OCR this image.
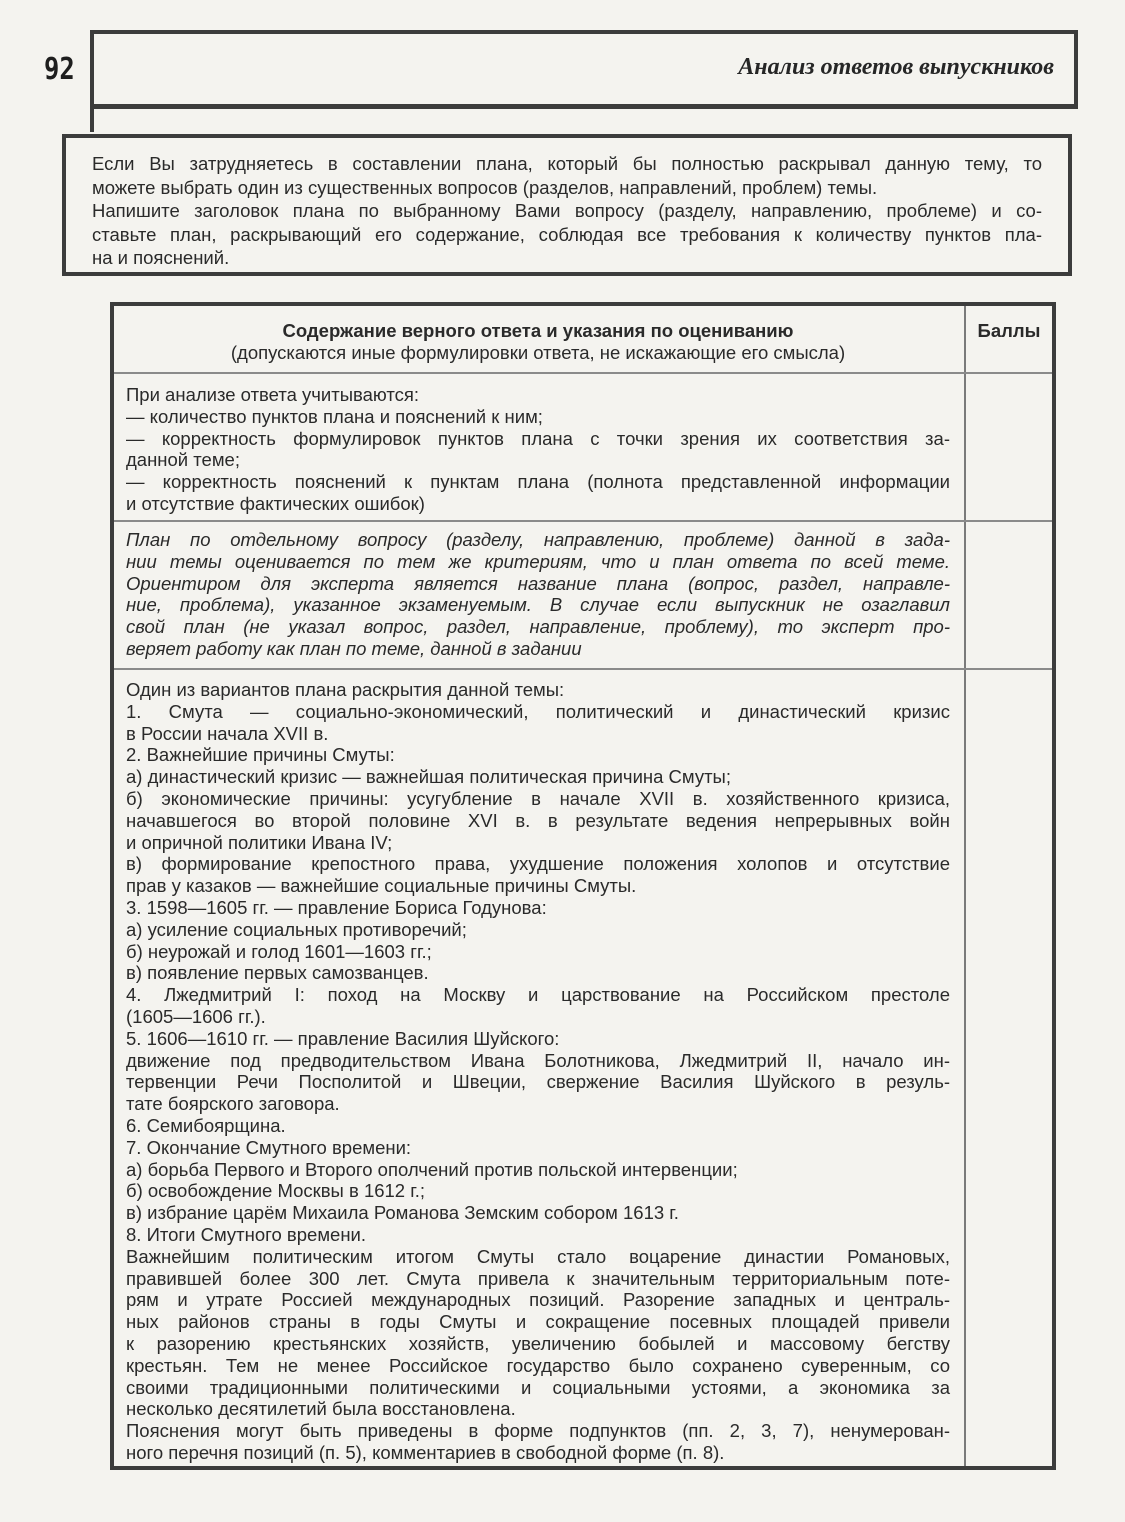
92	Анализ ответов выпускников
Если Вы затрудняетесь в составлении плана, который бы полностью раскрывал данную тему, то
можете выбрать один из существенных вопросов (разделов, направлений, проблем) темы.
Напишите заголовок плана по выбранному Вами вопросу (разделу, направлению, проблеме) и со-
ставьте план, раскрывающий его содержание, соблюдая все требования к количеству пунктов пла-
на и пояснений.
Содержание верного ответа и указания по оцениванию
(допускаются иные формулировки ответа, не искажающие его смысла)
Баллы
При анализе ответа учитываются:
— количество пунктов плана и пояснений к ним;
— корректность формулировок пунктов плана с точки зрения их соответствия за-
данной теме;
— корректность пояснений к пунктам плана (полнота представленной информации
и отсутствие фактических ошибок)
План по отдельному вопросу (разделу, направлению, проблеме) данной в зада-
нии темы оценивается по тем же критериям, что и план ответа по всей теме.
Ориентиром для эксперта является название плана (вопрос, раздел, направле-
ние, проблема), указанное экзаменуемым. В случае если выпускник не озаглавил
свой план (не указал вопрос, раздел, направление, проблему), то эксперт про-
веряет работу как план по теме, данной в задании
Один из вариантов плана раскрытия данной темы:
1. Смута — социально-экономический, политический и династический кризис
в России начала XVII в.
2. Важнейшие причины Смуты:
а) династический кризис — важнейшая политическая причина Смуты;
б) экономические причины: усугубление в начале XVII в. хозяйственного кризиса,
начавшегося во второй половине XVI в. в результате ведения непрерывных войн
и опричной политики Ивана IV;
в) формирование крепостного права, ухудшение положения холопов и отсутствие
прав у казаков — важнейшие социальные причины Смуты.
3. 1598—1605 гг. — правление Бориса Годунова:
а) усиление социальных противоречий;
б) неурожай и голод 1601—1603 гг.;
в) появление первых самозванцев.
4. Лжедмитрий I: поход на Москву и царствование на Российском престоле
(1605—1606 гг.).
5. 1606—1610 гг. — правление Василия Шуйского:
движение под предводительством Ивана Болотникова, Лжедмитрий II, начало ин-
тервенции Речи Посполитой и Швеции, свержение Василия Шуйского в резуль-
тате боярского заговора.
6. Семибоярщина.
7. Окончание Смутного времени:
а) борьба Первого и Второго ополчений против польской интервенции;
б) освобождение Москвы в 1612 г.;
в) избрание царём Михаила Романова Земским собором 1613 г.
8. Итоги Смутного времени.
Важнейшим политическим итогом Смуты стало воцарение династии Романовых,
правившей более 300 лет. Смута привела к значительным территориальным поте-
рям и утрате Россией международных позиций. Разорение западных и централь-
ных районов страны в годы Смуты и сокращение посевных площадей привели
к разорению крестьянских хозяйств, увеличению бобылей и массовому бегству
крестьян. Тем не менее Российское государство было сохранено суверенным, со
своими традиционными политическими и социальными устоями, а экономика за
несколько десятилетий была восстановлена.
Пояснения могут быть приведены в форме подпунктов (пп. 2, 3, 7), ненумерован-
ного перечня позиций (п. 5), комментариев в свободной форме (п. 8).
